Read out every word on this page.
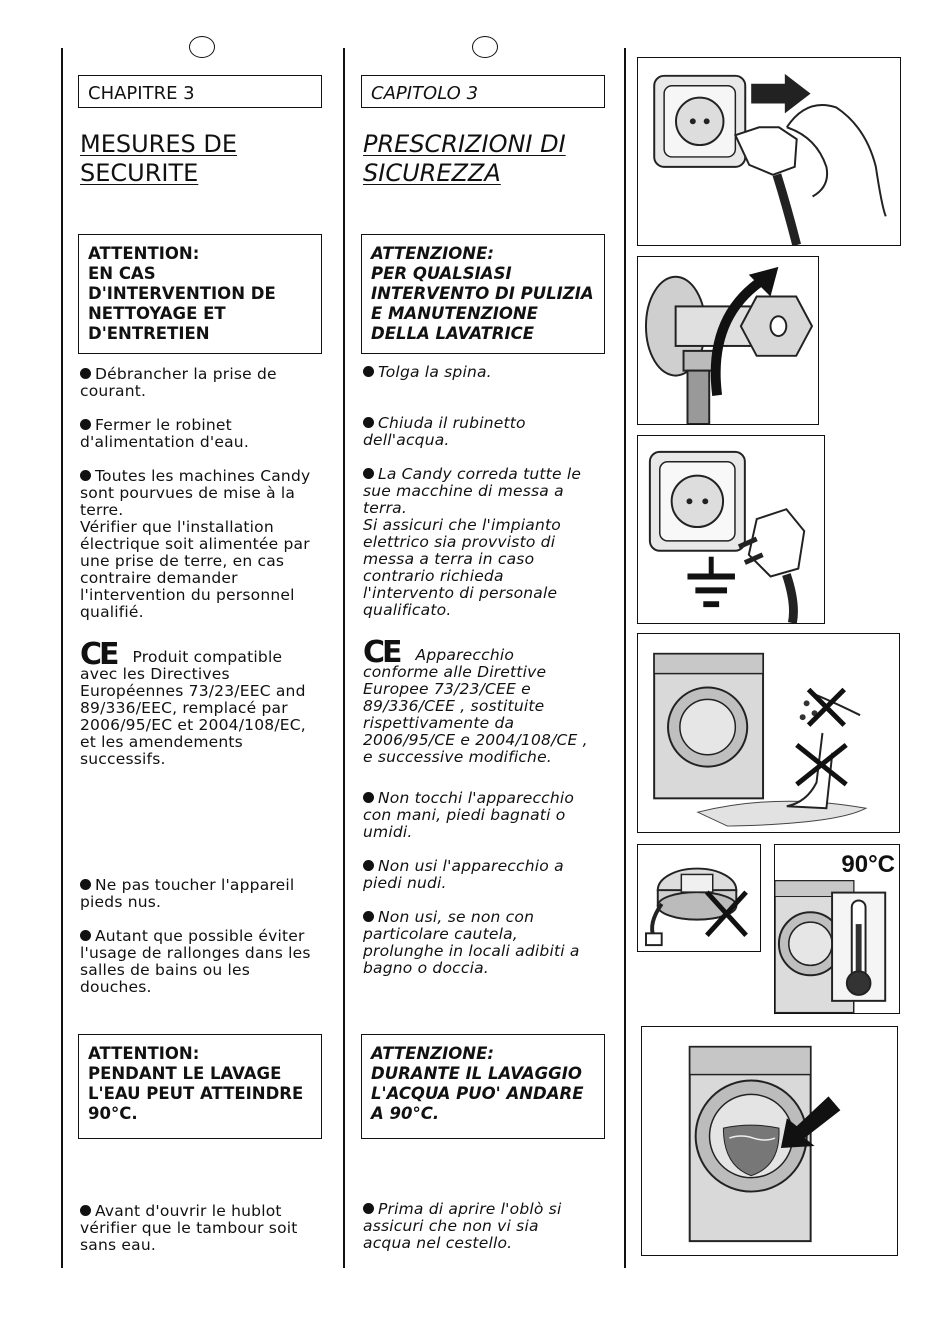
CHAPITRE 3
MESURES DE
SECURITE
ATTENTION:
EN CAS
D'INTERVENTION DE
NETTOYAGE ET
D'ENTRETIEN
Débrancher la prise de
courant.
Fermer le robinet
d'alimentation d'eau.
Toutes les machines Candy
sont pourvues de mise à la
terre.
Vérifier que l'installation
électrique soit alimentée par
une prise de terre, en cas
contraire demander
l'intervention du personnel
qualifié.
CE Produit compatible
avec les Directives
Européennes 73/23/EEC and
89/336/EEC, remplacé par
2006/95/EC et 2004/108/EC,
et les amendements
successifs.
Ne pas toucher l'appareil
pieds nus.
Autant que possible éviter
l'usage de rallonges dans les
salles de bains ou les
douches.
ATTENTION:
PENDANT LE LAVAGE
L'EAU PEUT ATTEINDRE
90°C.
Avant d'ouvrir le hublot
vérifier que le tambour soit
sans eau.
CAPITOLO 3
PRESCRIZIONI DI
SICUREZZA
ATTENZIONE:
PER QUALSIASI
INTERVENTO DI PULIZIA
E MANUTENZIONE
DELLA LAVATRICE
Tolga la spina.
Chiuda il rubinetto
dell'acqua.
La Candy correda tutte le
sue macchine di messa a
terra.
Si assicuri che l'impianto
elettrico sia provvisto di
messa a terra in caso
contrario richieda
l'intervento di personale
qualificato.
CE Apparecchio
conforme alle Direttive
Europee 73/23/CEE e
89/336/CEE , sostituite
rispettivamente da
2006/95/CE e 2004/108/CE ,
e successive modifiche.
Non tocchi l'apparecchio
con mani, piedi bagnati o
umidi.
Non usi l'apparecchio a
piedi nudi.
Non usi, se non con
particolare cautela,
prolunghe in locali adibiti a
bagno o doccia.
ATTENZIONE:
DURANTE IL LAVAGGIO
L'ACQUA PUO' ANDARE
A 90°C.
Prima di aprire l'oblò si
assicuri che non vi sia
acqua nel cestello.
90°C
